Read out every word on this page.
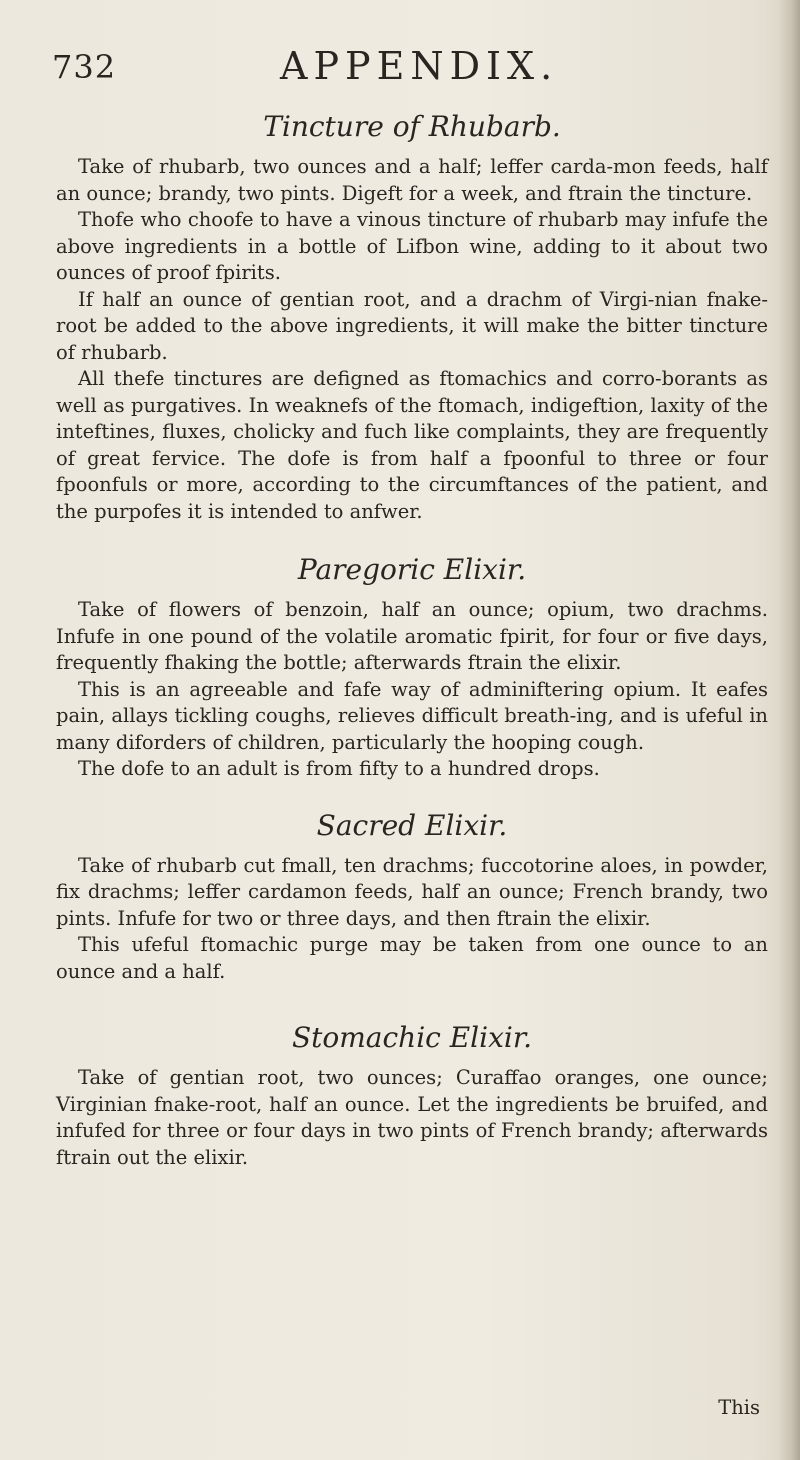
732	APPENDIX.
Tincture of Rhubarb.

Take of rhubarb, two ounces and a half; leffer carda-mon feeds, half an ounce; brandy, two pints. Digeft for a week, and ftrain the tincture.

Thofe who choofe to have a vinous tincture of rhubarb may infufe the above ingredients in a bottle of Lifbon wine, adding to it about two ounces of proof fpirits.

If half an ounce of gentian root, and a drachm of Virgi-nian fnake-root be added to the above ingredients, it will make the bitter tincture of rhubarb.

All thefe tinctures are defigned as ftomachics and corro-borants as well as purgatives. In weaknefs of the ftomach, indigeftion, laxity of the inteftines, fluxes, cholicky and fuch like complaints, they are frequently of great fervice. The dofe is from half a fpoonful to three or four fpoonfuls or more, according to the circumftances of the patient, and the purpofes it is intended to anfwer.

Paregoric Elixir.

Take of flowers of benzoin, half an ounce; opium, two drachms. Infufe in one pound of the volatile aromatic fpirit, for four or five days, frequently fhaking the bottle; afterwards ftrain the elixir.

This is an agreeable and fafe way of adminiftering opium. It eafes pain, allays tickling coughs, relieves difficult breath-ing, and is ufeful in many diforders of children, particularly the hooping cough.

The dofe to an adult is from fifty to a hundred drops.

Sacred Elixir.

Take of rhubarb cut fmall, ten drachms; fuccotorine aloes, in powder, fix drachms; leffer cardamon feeds, half an ounce; French brandy, two pints. Infufe for two or three days, and then ftrain the elixir.

This ufeful ftomachic purge may be taken from one ounce to an ounce and a half.

Stomachic Elixir.

Take of gentian root, two ounces; Curaffao oranges, one ounce; Virginian fnake-root, half an ounce. Let the ingredients be bruifed, and infufed for three or four days in two pints of French brandy; afterwards ftrain out the elixir.

This
